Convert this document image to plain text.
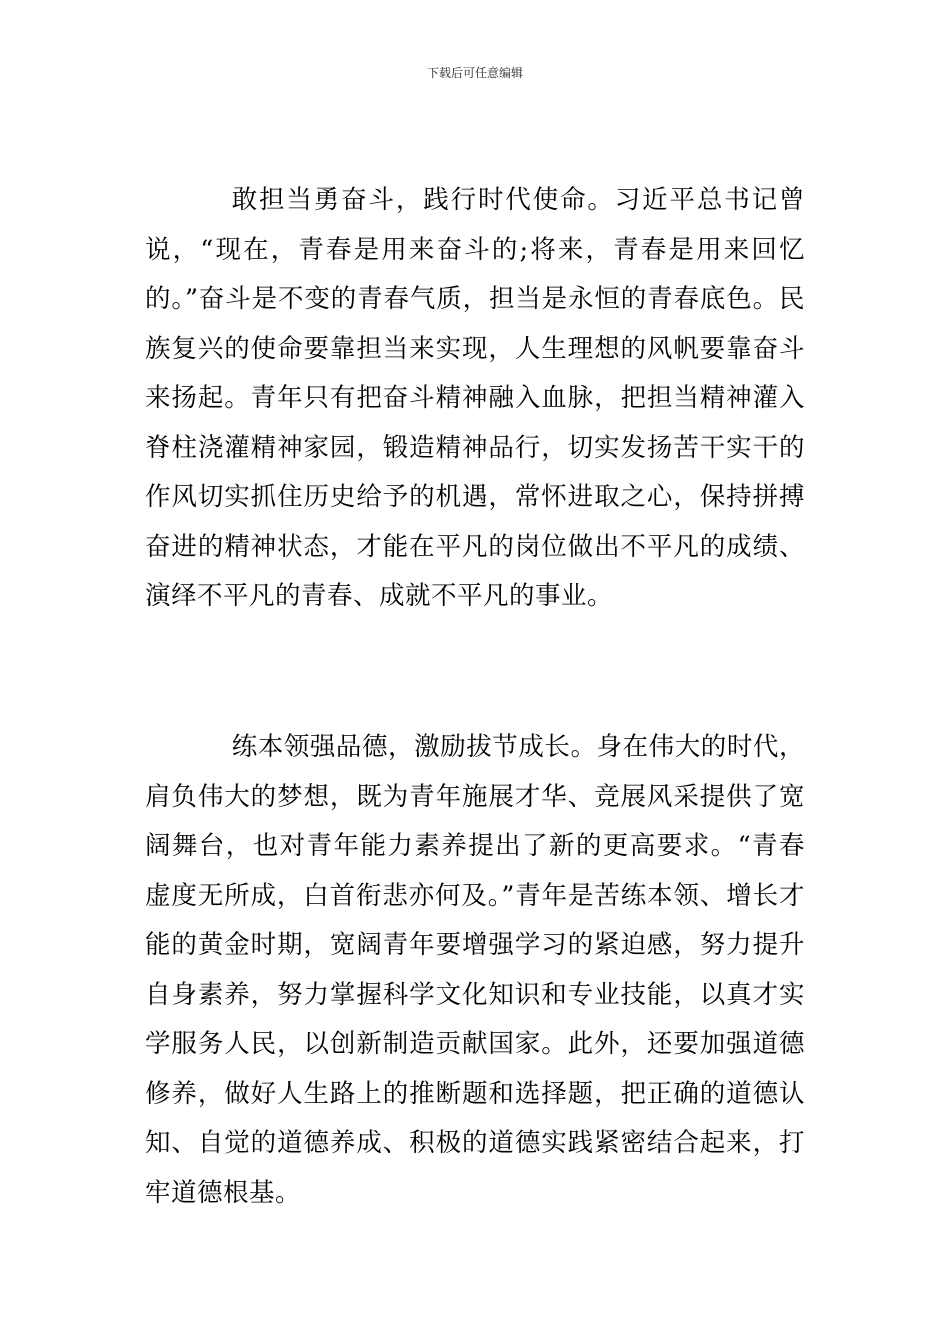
下载后可任意编辑

敢担当勇奋斗，践行时代使命。习近平总书记曾说，“现在，青春是用来奋斗的;将来，青春是用来回忆的。”奋斗是不变的青春气质，担当是永恒的青春底色。民族复兴的使命要靠担当来实现，人生理想的风帆要靠奋斗来扬起。青年只有把奋斗精神融入血脉，把担当精神灌入脊柱浇灌精神家园，锻造精神品行，切实发扬苦干实干的作风切实抓住历史给予的机遇，常怀进取之心，保持拼搏奋进的精神状态，才能在平凡的岗位做出不平凡的成绩、演绎不平凡的青春、成就不平凡的事业。

练本领强品德，激励拔节成长。身在伟大的时代，肩负伟大的梦想，既为青年施展才华、竞展风采提供了宽阔舞台，也对青年能力素养提出了新的更高要求。“青春虚度无所成，白首衔悲亦何及。”青年是苦练本领、增长才能的黄金时期，宽阔青年要增强学习的紧迫感，努力提升自身素养，努力掌握科学文化知识和专业技能，以真才实学服务人民，以创新制造贡献国家。此外，还要加强道德修养，做好人生路上的推断题和选择题，把正确的道德认知、自觉的道德养成、积极的道德实践紧密结合起来，打牢道德根基。
